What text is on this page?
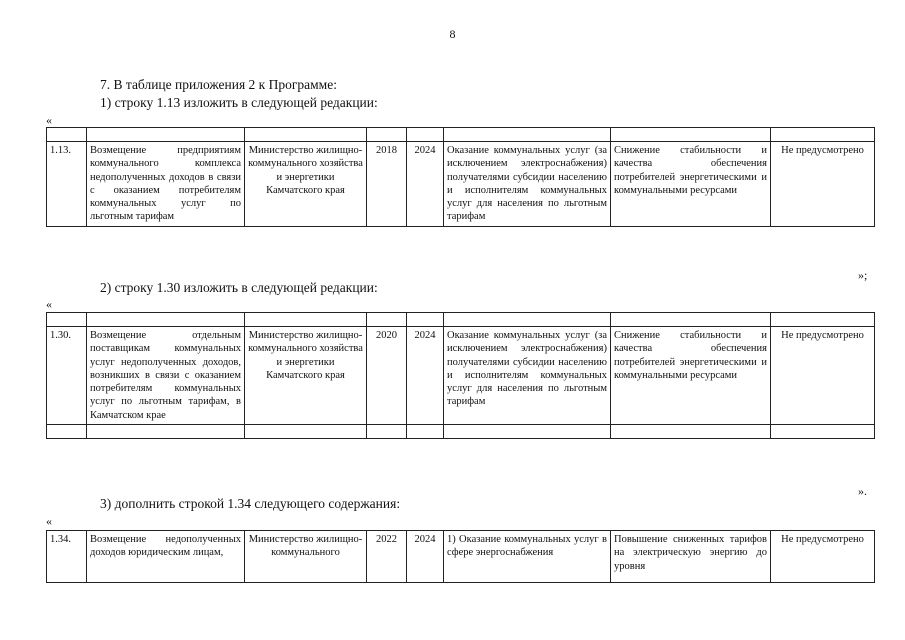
8
7. В таблице приложения 2 к Программе:
1) строку 1.13 изложить в следующей редакции:
«

1.13.	Возмещение предприятиям коммунального комплекса недополученных доходов в связи с оказанием потребителям коммунальных услуг по льготным тарифам	Министерство жилищно-коммунального хозяйства и энергетики Камчатского края	2018	2024	Оказание коммунальных услуг (за исключением электроснабжения) получателями субсидии населению и исполнителям коммунальных услуг для населения по льготным тарифам	Снижение стабильности и качества обеспечения потребителей энергетическими и коммунальными ресурсами	Не предусмотрено
»;
2) строку 1.30 изложить в следующей редакции:
«

1.30.	Возмещение отдельным поставщикам коммунальных услуг недополученных доходов, возникших в связи с оказанием потребителям коммунальных услуг по льготным тарифам, в Камчатском крае	Министерство жилищно-коммунального хозяйства и энергетики Камчатского края	2020	2024	Оказание коммунальных услуг (за исключением электроснабжения) получателями субсидии населению и исполнителям коммунальных услуг для населения по льготным тарифам	Снижение стабильности и качества обеспечения потребителей энергетическими и коммунальными ресурсами	Не предусмотрено

».
3) дополнить строкой 1.34 следующего содержания:
«
1.34.	Возмещение недополученных доходов юридическим лицам,	Министерство жилищно-коммунального	2022	2024	1) Оказание коммунальных услуг в сфере энергоснабжения	Повышение сниженных тарифов на электрическую энергию до уровня	Не предусмотрено
